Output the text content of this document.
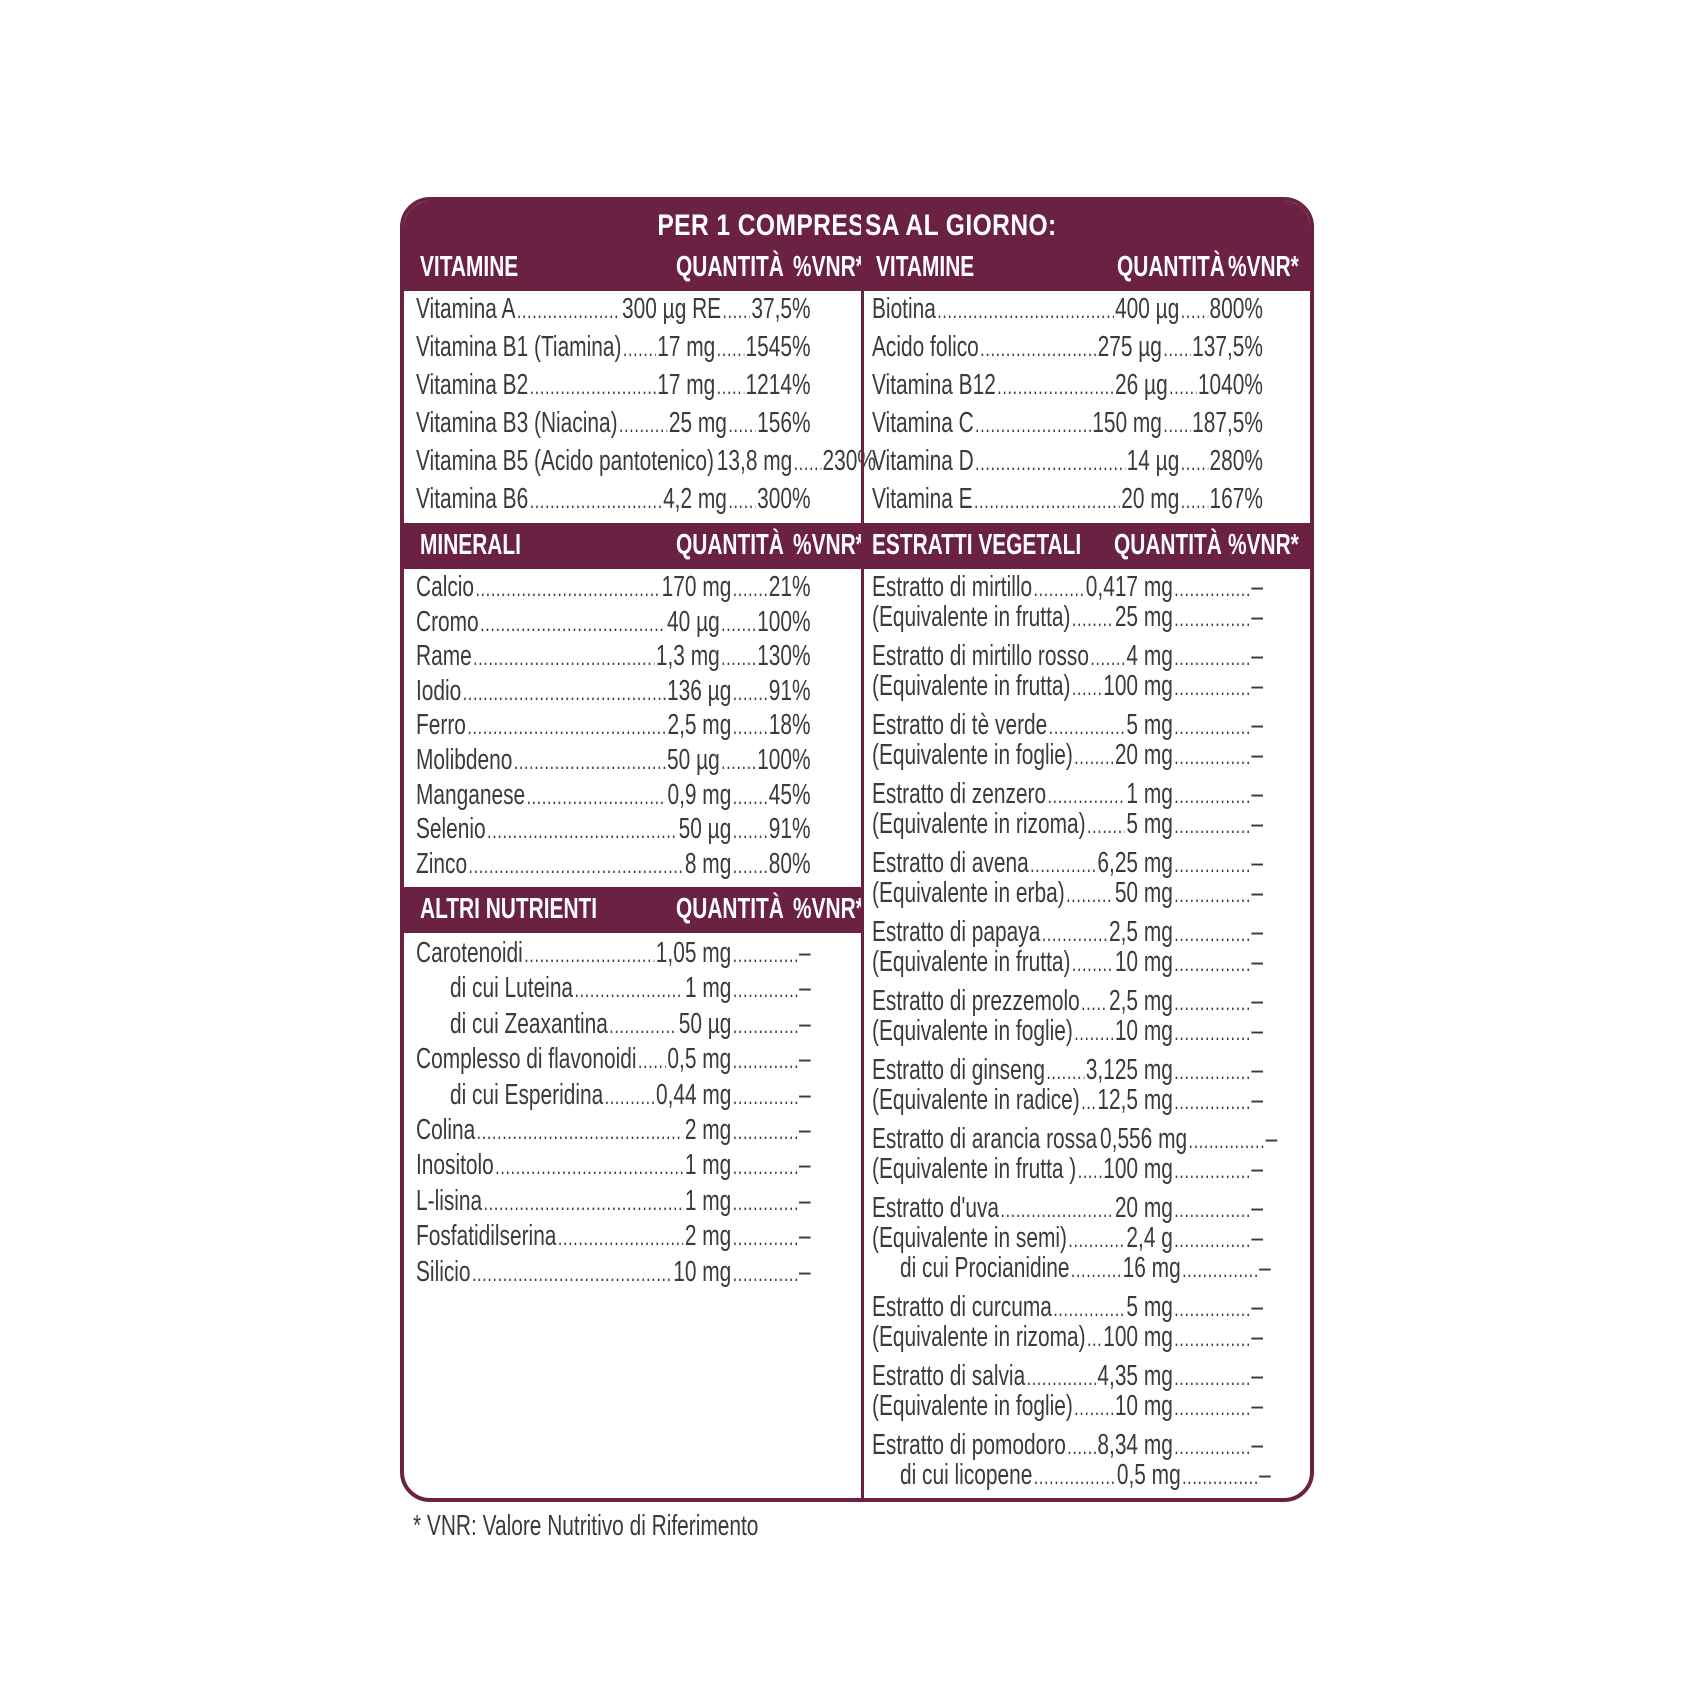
PER 1 COMPRESSA AL GIORNO:
VITAMINE	QUANTITÀ %VNR*
Vitamina A .....	300 µg RE ..... 37,5%
Vitamina B1 (Tiamina) ..... 17 mg ..... 1545%
Vitamina B2 .....	17 mg ..... 1214%
Vitamina B3 (Niacina) ..... 25 mg ..... 156%
Vitamina B5 (Acido pantotenico) 13,8 mg ..... 230%
Vitamina B6 .....	4,2 mg ..... 300%
MINERALI	QUANTITÀ %VNR*
Calcio .....	170 mg ..... 21%
Cromo .....	40 µg ..... 100%
Rame .....	1,3 mg ..... 130%
Iodio .....	136 µg ..... 91%
Ferro .....	2,5 mg ..... 18%
Molibdeno .....	50 µg ..... 100%
Manganese .....	0,9 mg ..... 45%
Selenio .....	50 µg ..... 91%
Zinco .....	8 mg ..... 80%
ALTRI NUTRIENTI	QUANTITÀ %VNR*
Carotenoidi .....	1,05 mg ..... –
di cui Luteina .....	1 mg ..... –
di cui Zeaxantina ..... 50 µg ..... –
Complesso di flavonoidi ..... 0,5 mg ..... –
di cui Esperidina ..... 0,44 mg ..... –
Colina .....	2 mg ..... –
Inositolo .....	1 mg ..... –
L-lisina .....	1 mg ..... –
Fosfatidilserina .....	2 mg ..... –
Silicio .....	10 mg ..... –
VITAMINE	QUANTITÀ %VNR*
Biotina .....	400 µg ..... 800%
Acido folico .....	275 µg ..... 137,5%
Vitamina B12 .....	26 µg ..... 1040%
Vitamina C .....	150 mg ..... 187,5%
Vitamina D .....	14 µg ..... 280%
Vitamina E .....	20 mg ..... 167%
ESTRATTI VEGETALI QUANTITÀ %VNR*
Estratto di mirtillo ..... 0,417 mg .....	–
(Equivalente in frutta) ..... 25 mg .....	–
Estratto di mirtillo rosso ..... 4 mg .....	–
(Equivalente in frutta) ..... 100 mg .....	–
Estratto di tè verde .....	5 mg .....	–
(Equivalente in foglie) ..... 20 mg .....	–
Estratto di zenzero .....	1 mg .....	–
(Equivalente in rizoma) ..... 5 mg .....	–
Estratto di avena ..... 6,25 mg .....	–
(Equivalente in erba) ..... 50 mg .....	–
Estratto di papaya ..... 2,5 mg .....	–
(Equivalente in frutta) ..... 10 mg .....	–
Estratto di prezzemolo ..... 2,5 mg .....	–
(Equivalente in foglie) ..... 10 mg .....	–
Estratto di ginseng ..... 3,125 mg .....	–
(Equivalente in radice) ..... 12,5 mg .....	–
Estratto di arancia rossa 0,556 mg .....	–
(Equivalente in frutta ) ..... 100 mg .....	–
Estratto d'uva .....	20 mg .....	–
(Equivalente in semi) ..... 2,4 g .....	–
di cui Procianidine ..... 16 mg .....	–
Estratto di curcuma .....	5 mg .....	–
(Equivalente in rizoma) ..... 100 mg .....	–
Estratto di salvia ..... 4,35 mg .....	–
(Equivalente in foglie) ..... 10 mg .....	–
Estratto di pomodoro ..... 8,34 mg .....	–
di cui licopene .....	0,5 mg .....	–
* VNR: Valore Nutritivo di Riferimento
